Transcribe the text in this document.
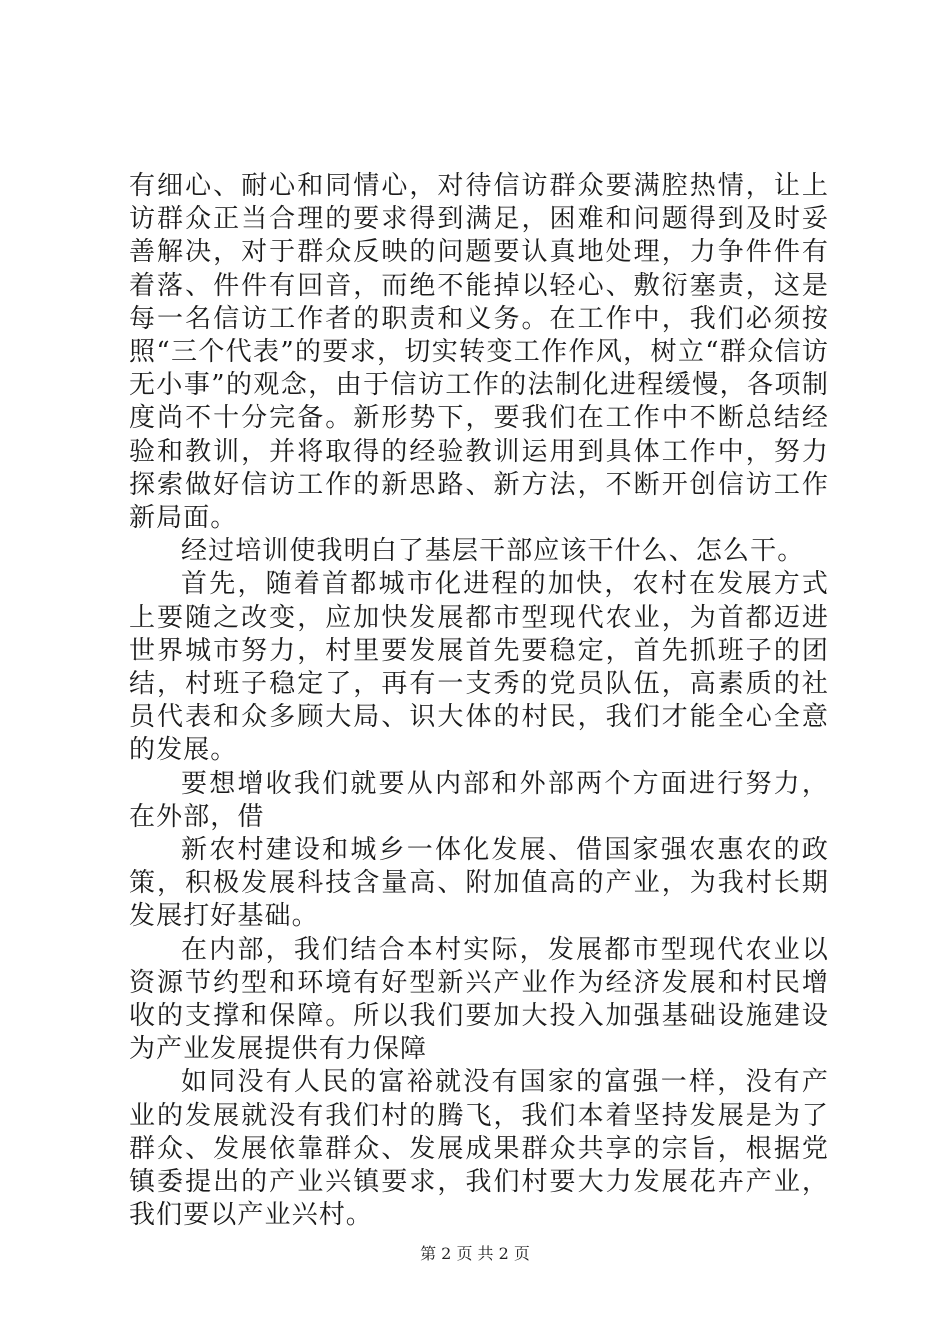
有细心、耐心和同情心，对待信访群众要满腔热情，让上访群众正当合理的要求得到满足，困难和问题得到及时妥善解决，对于群众反映的问题要认真地处理，力争件件有着落、件件有回音，而绝不能掉以轻心、敷衍塞责，这是每一名信访工作者的职责和义务。在工作中，我们必须按照“三个代表”的要求，切实转变工作作风，树立“群众信访无小事”的观念，由于信访工作的法制化进程缓慢，各项制度尚不十分完备。新形势下，要我们在工作中不断总结经验和教训，并将取得的经验教训运用到具体工作中，努力探索做好信访工作的新思路、新方法，不断开创信访工作新局面。

经过培训使我明白了基层干部应该干什么、怎么干。

首先，随着首都城市化进程的加快，农村在发展方式上要随之改变，应加快发展都市型现代农业，为首都迈进世界城市努力，村里要发展首先要稳定，首先抓班子的团结，村班子稳定了，再有一支秀的党员队伍，高素质的社员代表和众多顾大局、识大体的村民，我们才能全心全意的发展。

要想增收我们就要从内部和外部两个方面进行努力，在外部，借

新农村建设和城乡一体化发展、借国家强农惠农的政策，积极发展科技含量高、附加值高的产业，为我村长期发展打好基础。

在内部，我们结合本村实际，发展都市型现代农业以资源节约型和环境有好型新兴产业作为经济发展和村民增收的支撑和保障。所以我们要加大投入加强基础设施建设为产业发展提供有力保障

如同没有人民的富裕就没有国家的富强一样，没有产业的发展就没有我们村的腾飞，我们本着坚持发展是为了群众、发展依靠群众、发展成果群众共享的宗旨，根据党镇委提出的产业兴镇要求，我们村要大力发展花卉产业，我们要以产业兴村。

第 2 页 共 2 页
